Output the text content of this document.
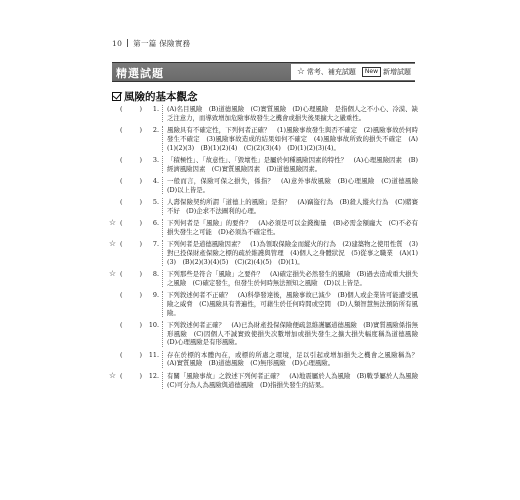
10 第一篇 保險實務
精選試題	☆ 常考、補充試題	New 新增試題
風險的基本觀念
(	)	1.	(A)名目風險　(B)道德風險　(C)實質風險　(D)心理風險　是指個人之不小心、冷漠、缺乏注意力，而導致增加危險事故發生之機會或損失後果擴大之嚴重性。
(	)	2.	風險具有不確定性，下列何者正確？　(1)風險事故發生與否不確定　(2)風險事故於何時發生不確定　(3)風險事故造成的結果如何不確定　(4)風險事故所致的損失不確定　(A)(1)(2)(3)　(B)(1)(2)(4)　(C)(2)(3)(4)　(D)(1)(2)(3)(4)。
(	)	3.	「積極性」、「故意性」、「毀壞性」是屬於何種風險因素的特性？　(A)心理風險因素　(B)經濟風險因素　(C)實質風險因素　(D)道德風險因素。
(	)	4.	一般而言，保險可保之損失，係指？　(A)意外事故風險　(B)心理風險　(C)道德風險　(D)以上皆是。
(	)	5.	人壽保險契約所謂「道德上的風險」是指？　(A)竊盜行為　(B)殺人縱火行為　(C)賭賽不好　(D)企求不法圖利的心理。
☆ (	)	6.	下列何者是「風險」的要件？　(A)必須是可以金錢衡量　(B)必需金額龐大　(C)不必有損失發生之可能　(D)必須為不確定性。
☆ (	)	7.	下列何者是道德風險因素？　(1)為領取保險金而縱火的行為　(2)建築物之使用性質　(3)對已投保財產保險之標的疏於維護與管理　(4)個人之身體狀況　(5)從事之職業　(A)(1)(3)　(B)(2)(3)(4)(5)　(C)(2)(4)(5)　(D)(1)。
☆ (	)	8.	下列那些是符合「風險」之要件？　(A)確定損失必然發生的風險　(B)過去造成重大損失之風險　(C)確定發生，但發生於何時無法預知之風險　(D)以上皆是。
(	)	9.	下列敘述何者不正確？　(A)科學發達後，風險事故已減少　(B)個人或企業皆可能遭受風險之威脅　(C)風險具有普遍性，可藉生於任何時間或空間　(D)人類智慧無法預防所有風險。
(	)	10.	下列敘述何者正確？　(A)已為財產投保保險便疏忽維護屬道德風險　(B)實質風險係指無形風險　(C)因個人不誠實致使損失次數增加或損失發生之擴大損失幅度稱為道德風險　(D)心理風險是有形風險。
(	)	11.	存在於標的本體內在，或標的所處之環境，足以引起或增加損失之機會之風險稱為？　(A)實質風險　(B)道德風險　(C)無形風險　(D)心理風險。
☆ (	)	12.	有關「風險事故」之敘述下列何者正確？　(A)地震屬於人為風險　(B)戰爭屬於人為風險　(C)可分為人為風險與道德風險　(D)指損失發生的結果。
